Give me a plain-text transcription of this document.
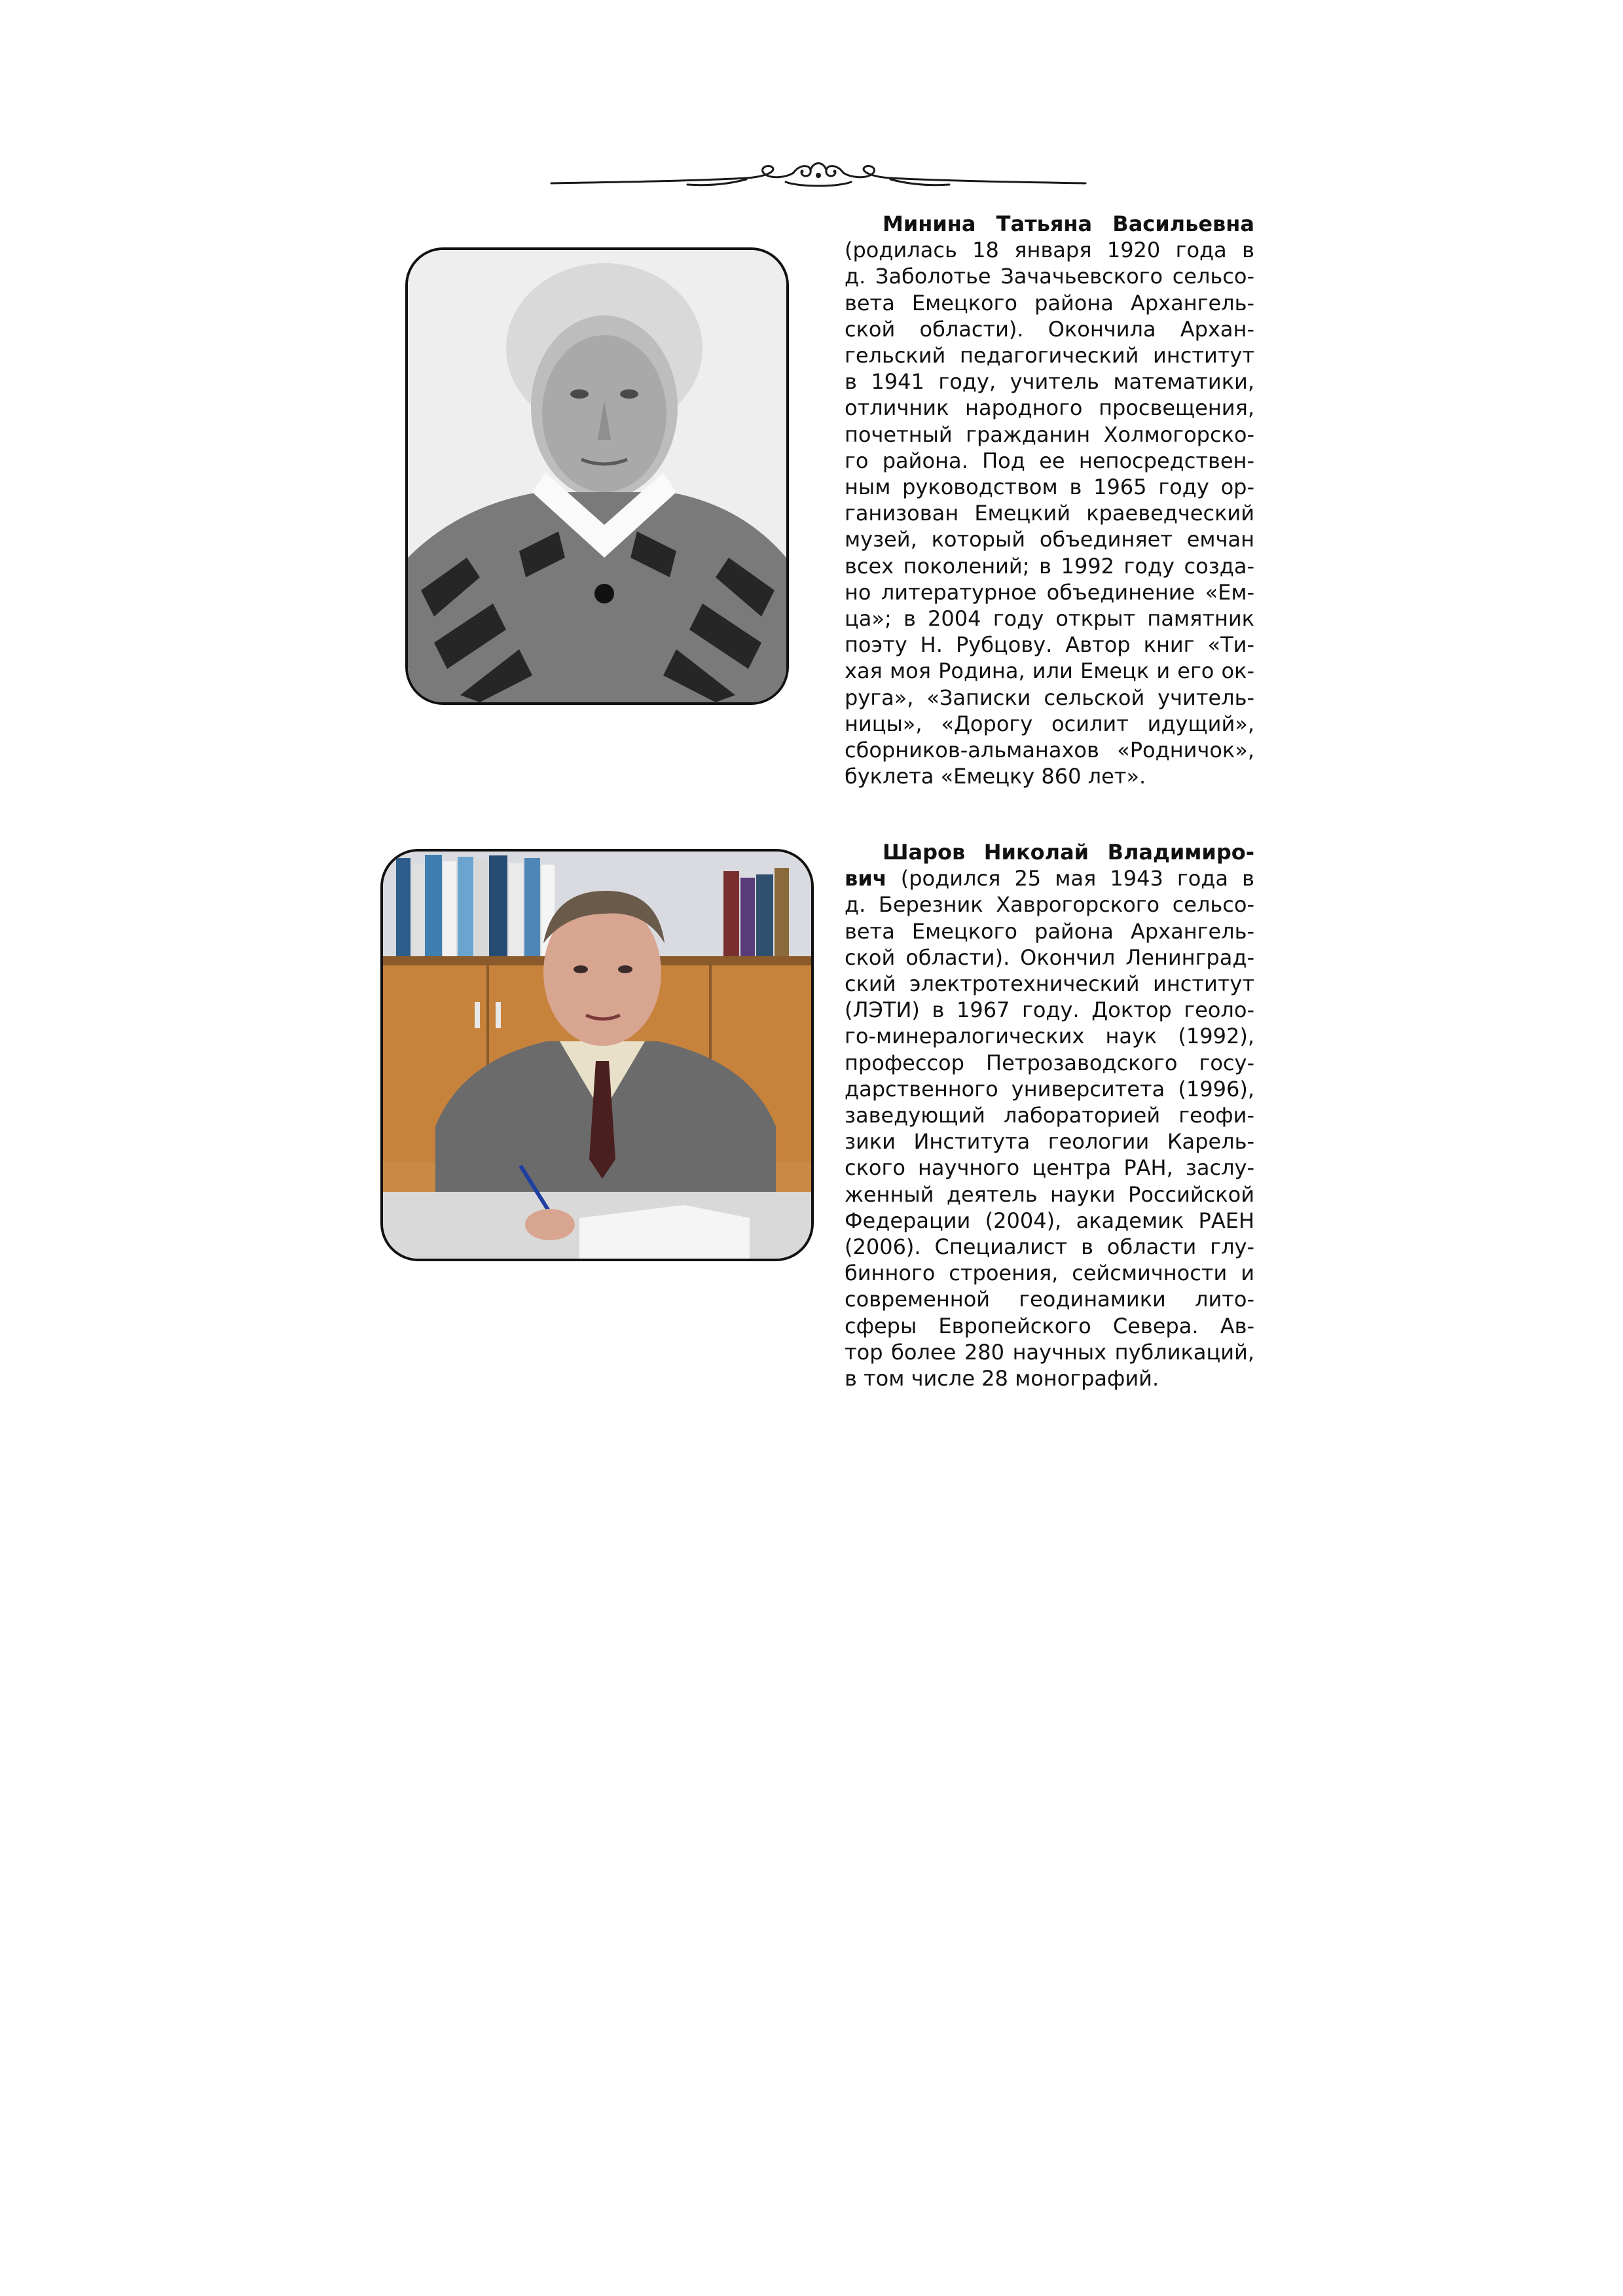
Минина Татьяна Васильевна
(родилась 18 января 1920 года в
д. Заболотье Зачачьевского сельсо-
вета Емецкого района Архангель-
ской области). Окончила Архан-
гельский педагогический институт
в 1941 году, учитель математики,
отличник народного просвещения,
почетный гражданин Холмогорско-
го района. Под ее непосредствен-
ным руководством в 1965 году ор-
ганизован Емецкий краеведческий
музей, который объединяет емчан
всех поколений; в 1992 году созда-
но литературное объединение «Ем-
ца»; в 2004 году открыт памятник
поэту Н. Рубцову. Автор книг «Ти-
хая моя Родина, или Емецк и его ок-
руга», «Записки сельской учитель-
ницы», «Дорогу осилит идущий»,
сборников-альманахов «Родничок»,
буклета «Емецку 860 лет».
Шаров Николай Владимиро-
вич (родился 25 мая 1943 года в
д. Березник Хаврогорского сельсо-
вета Емецкого района Архангель-
ской области). Окончил Ленинград-
ский электротехнический институт
(ЛЭТИ) в 1967 году. Доктор геоло-
го-минералогических наук (1992),
профессор Петрозаводского госу-
дарственного университета (1996),
заведующий лабораторией геофи-
зики Института геологии Карель-
ского научного центра РАН, заслу-
женный деятель науки Российской
Федерации (2004), академик РАЕН
(2006). Специалист в области глу-
бинного строения, сейсмичности и
современной геодинамики лито-
сферы Европейского Севера. Ав-
тор более 280 научных публикаций,
в том числе 28 монографий.
